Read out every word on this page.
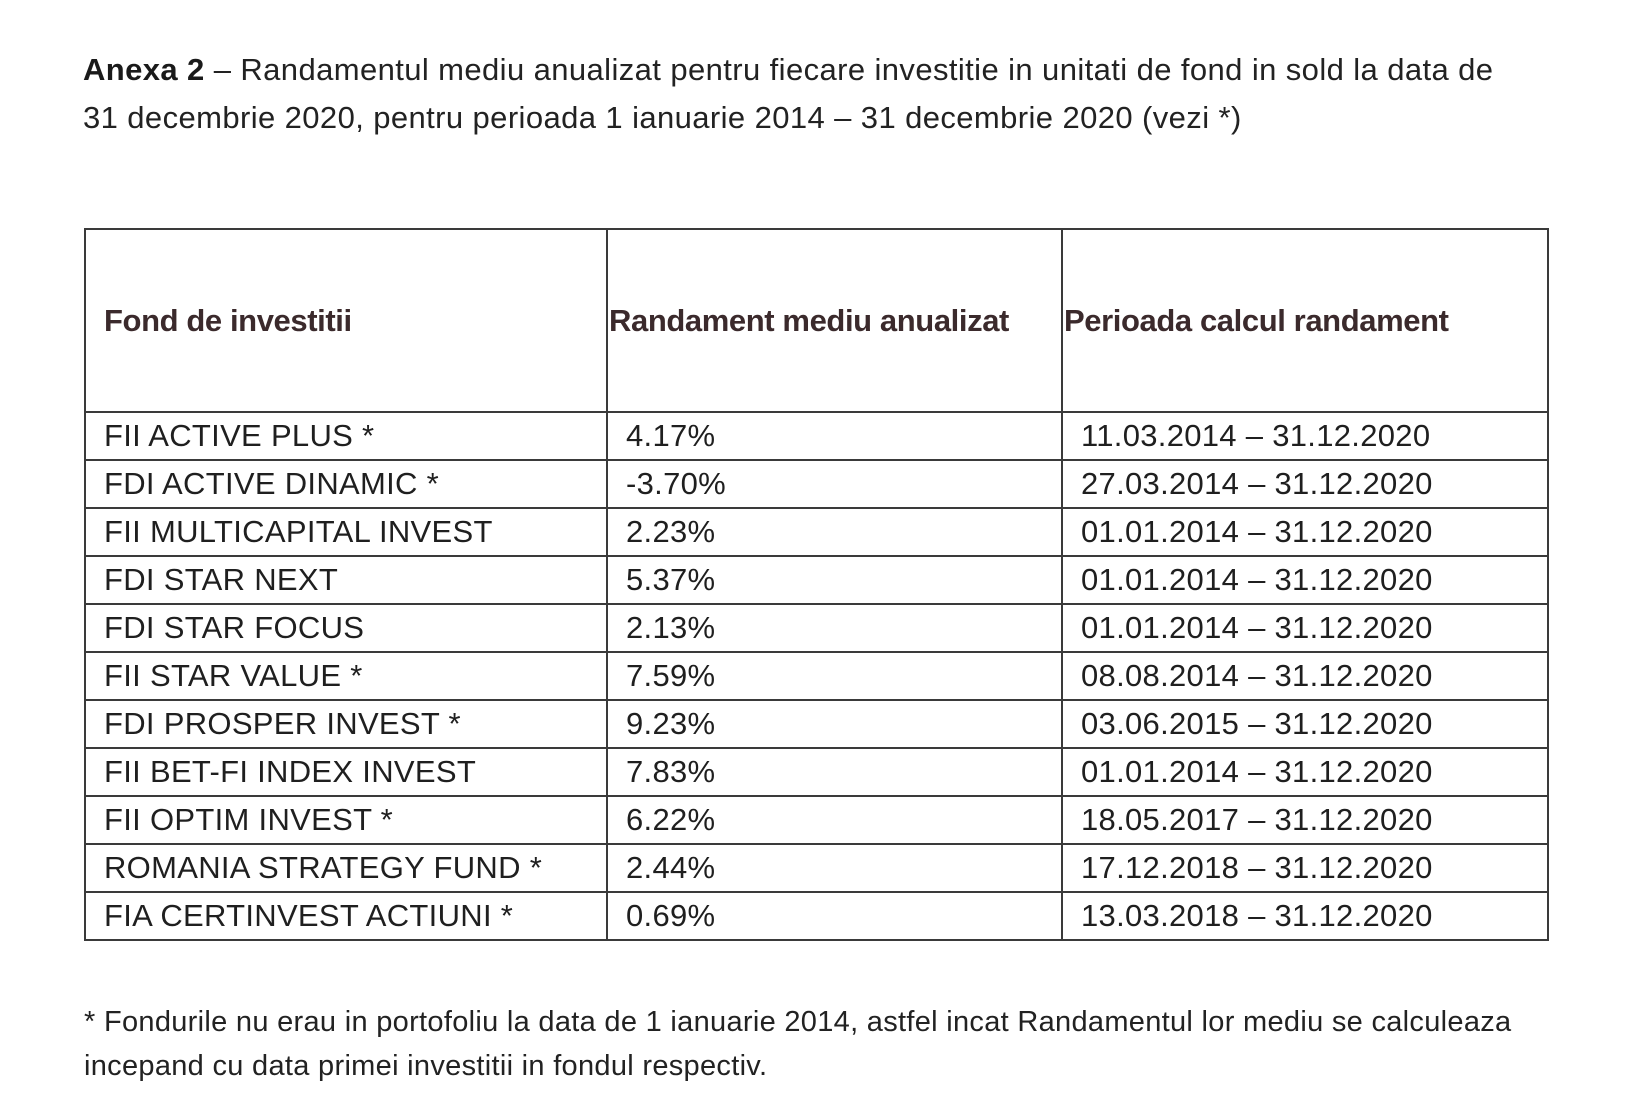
Anexa 2 – Randamentul mediu anualizat pentru fiecare investitie in unitati de fond in sold la data de 31 decembrie 2020, pentru perioada 1 ianuarie 2014 – 31 decembrie 2020 (vezi *)
Fond de investitii	Randament mediu anualizat	Perioada calcul randament
FII ACTIVE PLUS *	4.17%	11.03.2014 – 31.12.2020
FDI ACTIVE DINAMIC *	-3.70%	27.03.2014 – 31.12.2020
FII MULTICAPITAL INVEST	2.23%	01.01.2014 – 31.12.2020
FDI STAR NEXT	5.37%	01.01.2014 – 31.12.2020
FDI STAR FOCUS	2.13%	01.01.2014 – 31.12.2020
FII STAR VALUE *	7.59%	08.08.2014 – 31.12.2020
FDI PROSPER INVEST *	9.23%	03.06.2015 – 31.12.2020
FII BET-FI INDEX INVEST	7.83%	01.01.2014 – 31.12.2020
FII OPTIM INVEST *	6.22%	18.05.2017 – 31.12.2020
ROMANIA STRATEGY FUND *	2.44%	17.12.2018 – 31.12.2020
FIA CERTINVEST ACTIUNI *	0.69%	13.03.2018 – 31.12.2020
* Fondurile nu erau in portofoliu la data de 1 ianuarie 2014, astfel incat Randamentul lor mediu se calculeaza incepand cu data primei investitii in fondul respectiv.
